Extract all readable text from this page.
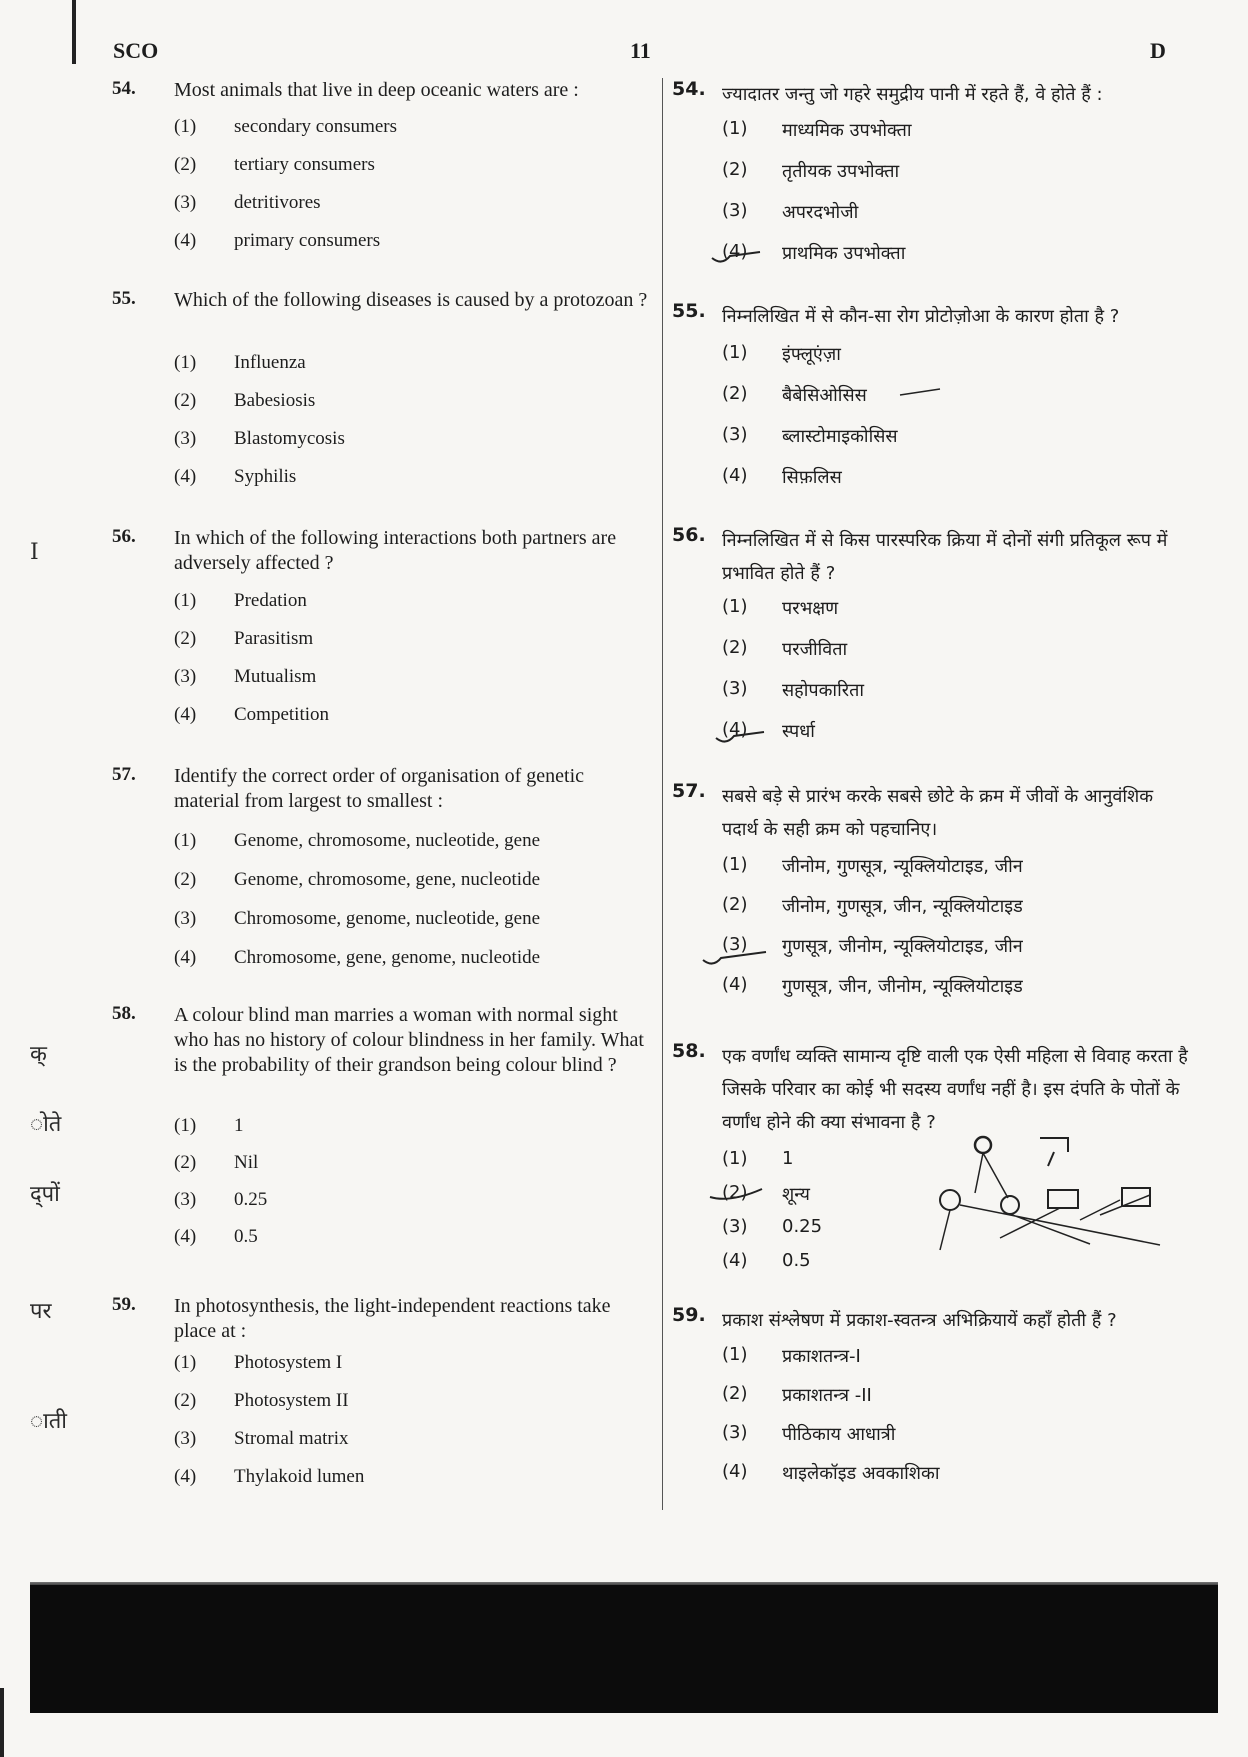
I
क्
ोते
द्पों
पर
ाती
SCO	11	D
54. Most animals that live in deep oceanic waters are :
(1) secondary consumers
(2) tertiary consumers
(3) detritivores
(4) primary consumers
55. Which of the following diseases is caused by a protozoan ?
(1) Influenza
(2) Babesiosis
(3) Blastomycosis
(4) Syphilis
56. In which of the following interactions both partners are adversely affected ?
(1) Predation
(2) Parasitism
(3) Mutualism
(4) Competition
57. Identify the correct order of organisation of genetic material from largest to smallest :
(1) Genome, chromosome, nucleotide, gene
(2) Genome, chromosome, gene, nucleotide
(3) Chromosome, genome, nucleotide, gene
(4) Chromosome, gene, genome, nucleotide
58. A colour blind man marries a woman with normal sight who has no history of colour blindness in her family. What is the probability of their grandson being colour blind ?
(1) 1
(2) Nil
(3) 0.25
(4) 0.5
59. In photosynthesis, the light-independent reactions take place at :
(1) Photosystem I
(2) Photosystem II
(3) Stromal matrix
(4) Thylakoid lumen
54. ज्यादातर जन्तु जो गहरे समुद्रीय पानी में रहते हैं, वे होते हैं :
(1) माध्यमिक उपभोक्ता
(2) तृतीयक उपभोक्ता
(3) अपरदभोजी
(4) प्राथमिक उपभोक्ता
55. निम्नलिखित में से कौन-सा रोग प्रोटोज़ोआ के कारण होता है ?
(1) इंफ्लूएंज़ा
(2) बैबेसिओसिस
(3) ब्लास्टोमाइकोसिस
(4) सिफ़लिस
56. निम्नलिखित में से किस पारस्परिक क्रिया में दोनों संगी प्रतिकूल रूप में प्रभावित होते हैं ?
(1) परभक्षण
(2) परजीविता
(3) सहोपकारिता
(4) स्पर्धा
57. सबसे बड़े से प्रारंभ करके सबसे छोटे के क्रम में जीवों के आनुवंशिक पदार्थ के सही क्रम को पहचानिए।
(1) जीनोम, गुणसूत्र, न्यूक्लियोटाइड, जीन
(2) जीनोम, गुणसूत्र, जीन, न्यूक्लियोटाइड
(3) गुणसूत्र, जीनोम, न्यूक्लियोटाइड, जीन
(4) गुणसूत्र, जीन, जीनोम, न्यूक्लियोटाइड
58. एक वर्णांध व्यक्ति सामान्य दृष्टि वाली एक ऐसी महिला से विवाह करता है जिसके परिवार का कोई भी सदस्य वर्णांध नहीं है। इस दंपति के पोतों के वर्णांध होने की क्या संभावना है ?
(1) 1
(2) शून्य
(3) 0.25
(4) 0.5
59. प्रकाश संश्लेषण में प्रकाश-स्वतन्त्र अभिक्रियायें कहाँ होती हैं ?
(1) प्रकाशतन्त्र-I
(2) प्रकाशतन्त्र -II
(3) पीठिकाय आधात्री
(4) थाइलेकॉइड अवकाशिका
